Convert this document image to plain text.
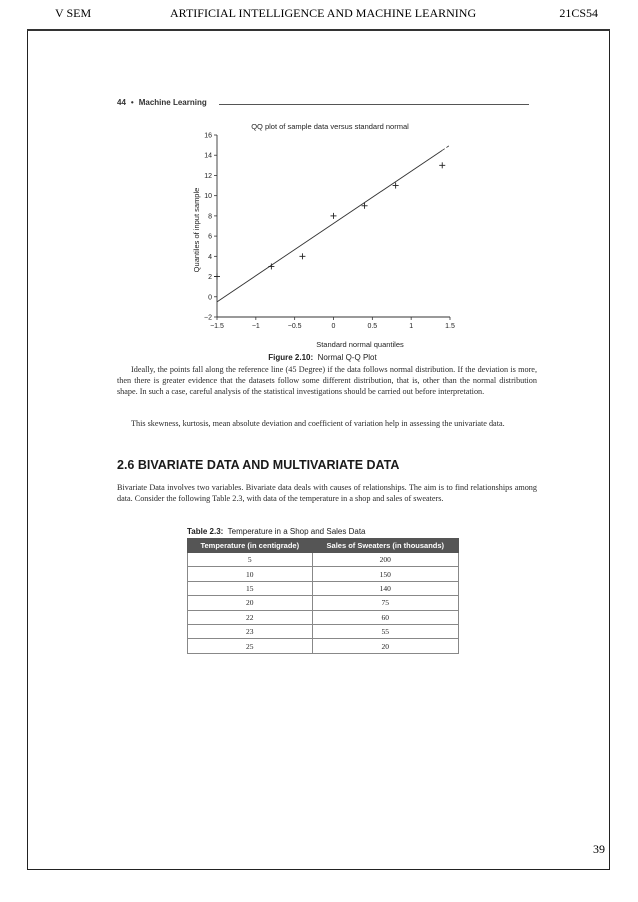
V SEM	ARTIFICIAL INTELLIGENCE AND MACHINE LEARNING	21CS54
44 • Machine Learning
QQ plot of sample data versus standard normal
−2
0
2
4
6
8
10
12
14
16
−1.5	−1	−0.5	0	0.5	1	1.5
Standard normal quantiles
Quantiles of input sample
Figure 2.10: Normal Q-Q Plot
Ideally, the points fall along the reference line (45 Degree) if the data follows normal distribution. If the deviation is more, then there is greater evidence that the datasets follow some different distribution, that is, other than the normal distribution shape. In such a case, careful analysis of the statistical investigations should be carried out before interpretation.
This skewness, kurtosis, mean absolute deviation and coefficient of variation help in assessing the univariate data.
2.6 BIVARIATE DATA AND MULTIVARIATE DATA
Bivariate Data involves two variables. Bivariate data deals with causes of relationships. The aim is to find relationships among data. Consider the following Table 2.3, with data of the temperature in a shop and sales of sweaters.
Table 2.3: Temperature in a Shop and Sales Data
Temperature (in centigrade)	Sales of Sweaters (in thousands)
5	200
10	150
15	140
20	75
22	60
23	55
25	20
39
